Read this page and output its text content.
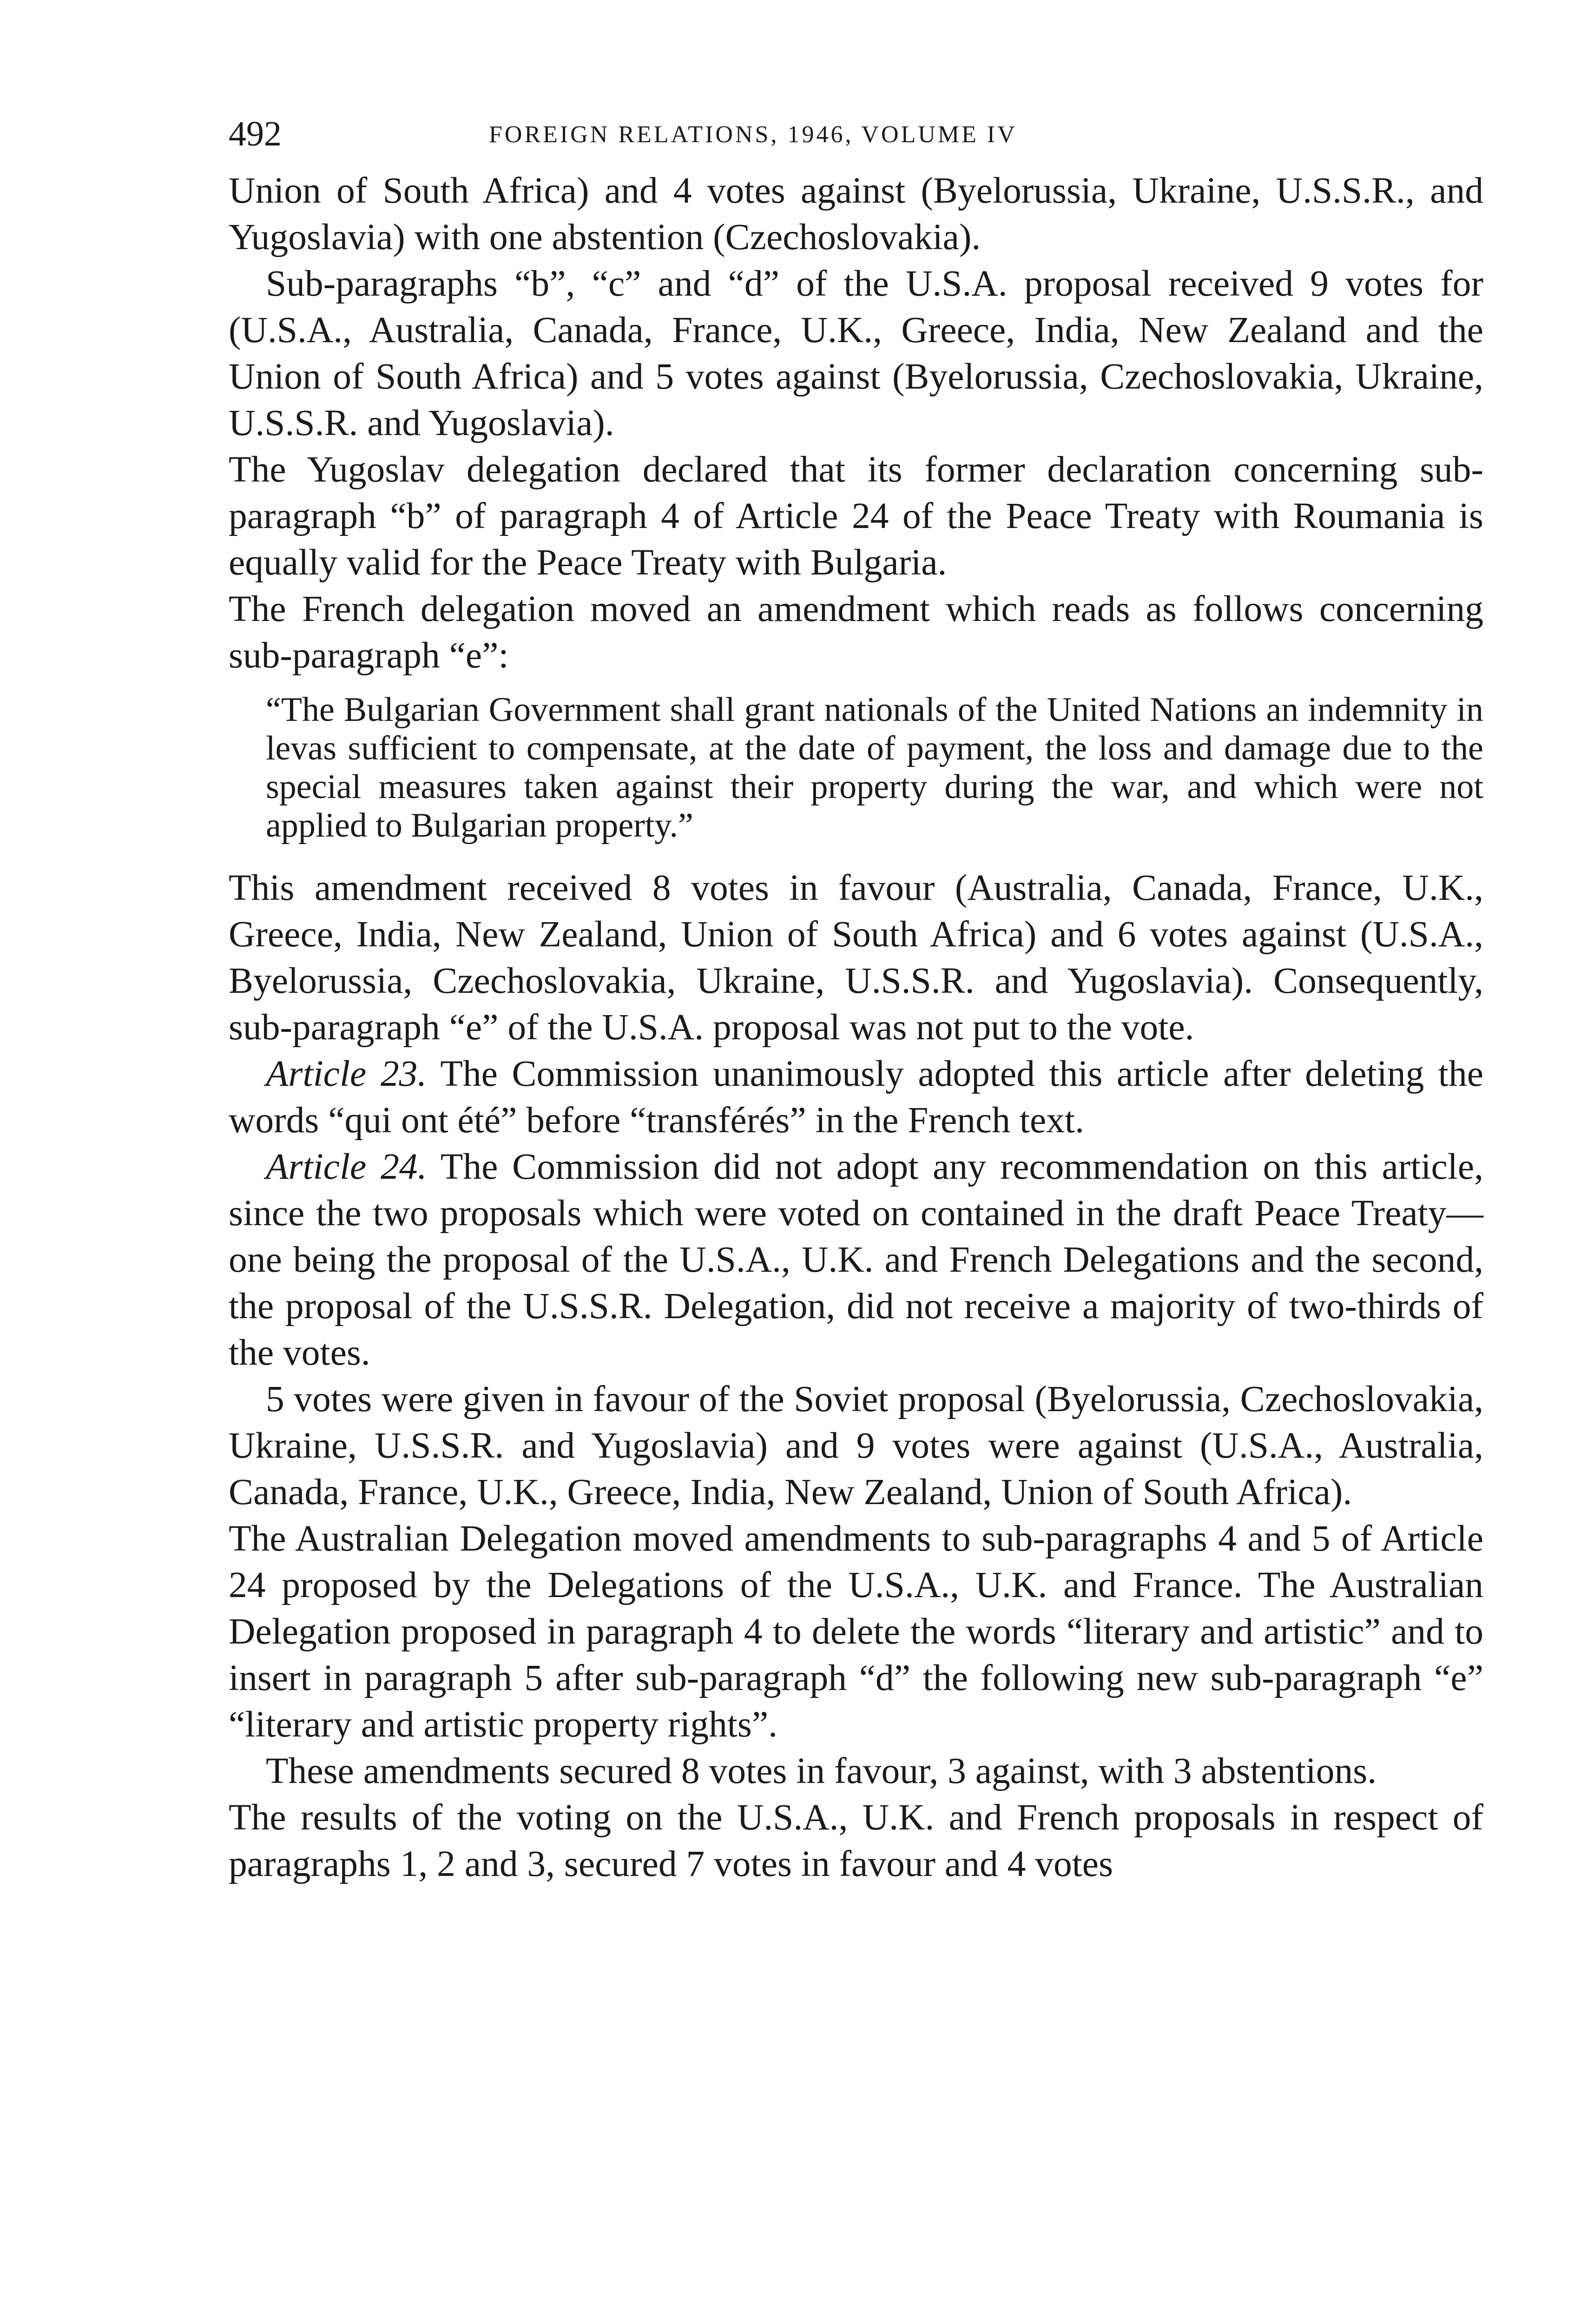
492	FOREIGN RELATIONS, 1946, VOLUME IV

Union of South Africa) and 4 votes against (Byelorussia, Ukraine, U.S.S.R., and Yugoslavia) with one abstention (Czechoslovakia).

Sub-paragraphs “b”, “c” and “d” of the U.S.A. proposal received 9 votes for (U.S.A., Australia, Canada, France, U.K., Greece, India, New Zealand and the Union of South Africa) and 5 votes against (Byelorussia, Czechoslovakia, Ukraine, U.S.S.R. and Yugoslavia).

The Yugoslav delegation declared that its former declaration concerning sub-paragraph “b” of paragraph 4 of Article 24 of the Peace Treaty with Roumania is equally valid for the Peace Treaty with Bulgaria.

The French delegation moved an amendment which reads as follows concerning sub-paragraph “e”:

“The Bulgarian Government shall grant nationals of the United Nations an indemnity in levas sufficient to compensate, at the date of payment, the loss and damage due to the special measures taken against their property during the war, and which were not applied to Bulgarian property.”

This amendment received 8 votes in favour (Australia, Canada, France, U.K., Greece, India, New Zealand, Union of South Africa) and 6 votes against (U.S.A., Byelorussia, Czechoslovakia, Ukraine, U.S.S.R. and Yugoslavia). Consequently, sub-paragraph “e” of the U.S.A. proposal was not put to the vote.

Article 23. The Commission unanimously adopted this article after deleting the words “qui ont été” before “transférés” in the French text.

Article 24. The Commission did not adopt any recommendation on this article, since the two proposals which were voted on contained in the draft Peace Treaty—one being the proposal of the U.S.A., U.K. and French Delegations and the second, the proposal of the U.S.S.R. Delegation, did not receive a majority of two-thirds of the votes.

5 votes were given in favour of the Soviet proposal (Byelorussia, Czechoslovakia, Ukraine, U.S.S.R. and Yugoslavia) and 9 votes were against (U.S.A., Australia, Canada, France, U.K., Greece, India, New Zealand, Union of South Africa).

The Australian Delegation moved amendments to sub-paragraphs 4 and 5 of Article 24 proposed by the Delegations of the U.S.A., U.K. and France. The Australian Delegation proposed in paragraph 4 to delete the words “literary and artistic” and to insert in paragraph 5 after sub-paragraph “d” the following new sub-paragraph “e” “literary and artistic property rights”.

These amendments secured 8 votes in favour, 3 against, with 3 abstentions.

The results of the voting on the U.S.A., U.K. and French proposals in respect of paragraphs 1, 2 and 3, secured 7 votes in favour and 4 votes
